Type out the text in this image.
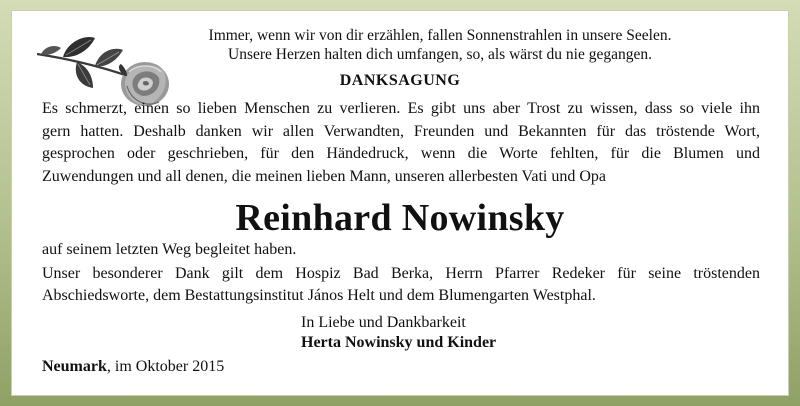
Immer, wenn wir von dir erzählen, fallen Sonnenstrahlen in unsere Seelen.
Unsere Herzen halten dich umfangen, so, als wärst du nie gegangen.
DANKSAGUNG
Es schmerzt, einen so lieben Menschen zu verlieren. Es gibt uns aber Trost zu wissen, dass so viele ihn
gern hatten. Deshalb danken wir allen Verwandten, Freunden und Bekannten für das tröstende Wort,
gesprochen oder geschrieben, für den Händedruck, wenn die Worte fehlten, für die Blumen und
Zuwendungen und all denen, die meinen lieben Mann, unseren allerbesten Vati und Opa
Reinhard Nowinsky
auf seinem letzten Weg begleitet haben.
Unser besonderer Dank gilt dem Hospiz Bad Berka, Herrn Pfarrer Redeker für seine tröstenden
Abschiedsworte, dem Bestattungsinstitut János Helt und dem Blumengarten Westphal.
In Liebe und Dankbarkeit
Herta Nowinsky und Kinder
Neumark, im Oktober 2015
